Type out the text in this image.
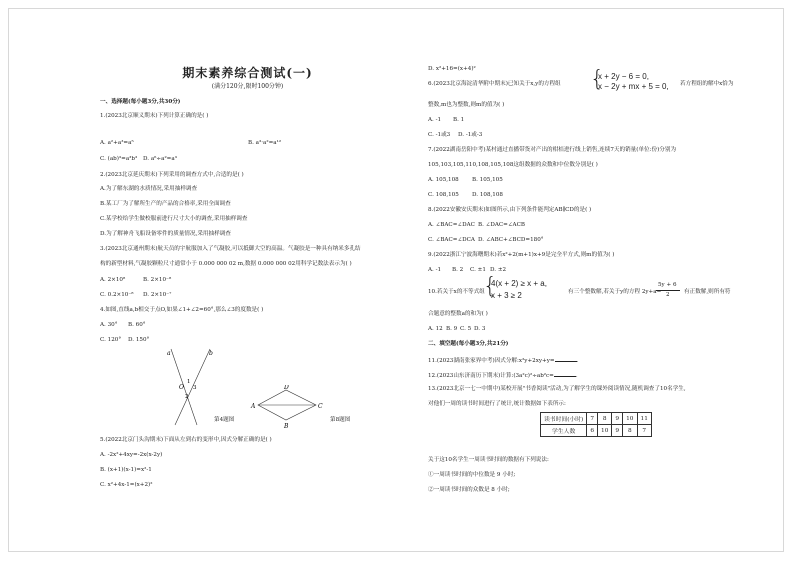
期末素养综合测试(一)
(满分120分,限时100分钟)
一、选择题(每小题3分,共30分)
1.(2023北京顺义期末)下列计算正确的是( )
A. a²+a³=a⁵	B. a³·a²=a¹²
C. (ab)³=a³b³ D. a⁶÷a²=a³
2.(2023北京延庆期末)下列采用的调查方式中,合适的是( )
A.为了解东湖的水质情况,采用抽样调查
B.某工厂为了解所生产的产品的合格率,采用全面调查
C.某学校给学生做校服前进行尺寸大小的调查,采用抽样调查
D.为了解神舟飞船设备零件的质量情况,采用抽样调查
3.(2023北京通州期末)航天员的宇航服加入了气凝胶,可以抵御大空的高温。气凝胶是一种具有纳米多孔结
构的新型材料,气凝胶颗粒尺寸通常小于 0.000 000 02 m,数据 0.000 000 02用科学记数法表示为( )
A. 2×10⁸	B. 2×10⁻⁸
C. 0.2×10⁻⁸ D. 2×10⁻⁷
4.如图,直线a,b相交于点O,如果∠1+∠2=60°,那么∠3的度数是( )
A. 30° B. 60°
C. 120° D. 150°
a	b
O
1
2
3
第4题图
A
B
C
D
第8题图
5.(2022北京门头沟期末)下面从左到右的变形中,因式分解正确的是( )
A. -2x²+4xy=-2x(x-2y)
B. (x+1)(x-1)=x²-1
C. x²+4x-1=(x+2)²
D. x²+16=(x+4)²
6.(2023北京海淀清华附中期末)已知关于x,y的方程组 {
x + 2y − 6 = 0,
x − 2y + mx + 5 = 0, 若方程组的解中x恰为
整数,m也为整数,则m的值为( )
A. -1 B. 1
C. -1或3 D. -1或-3
7.(2022湖南岳阳中考)某村通过直播带货对产出的柑桔进行线上销售,连续7天的销量(单位:份)分别为
105,103,105,110,108,105,108这组数据的众数和中位数分别是( )
A. 105,108 B. 105,105
C. 108,105 D. 108,108
8.(2022安徽安庆期末)如图所示,由下列条件能判定AB∥CD的是( )
A. ∠BAC=∠DAC B. ∠DAC=∠ACB
C. ∠BAC=∠DCA D. ∠ABC+∠BCD=180°
9.(2022浙江宁波海曙期末)若x²+2(m+1)x+9是完全平方式,则m的值为( )
A. -1 B. 2 C. ±1 D. ±2
10.若关于x的不等式组
{
4(x + 2) ≥ x + a,
x + 3 ≥ 2	有三个整数解,若关于y的方程 2y+a=
5y + 6
2	有正数解,则所有符
合题意的整数a的和为( )
A. 12 B. 9 C. 5 D. 3
二、填空题(每小题3分,共21分)
11.(2023湖南张家界中考)因式分解:x²y+2xy+y=	.
12.(2023山东济南历下期末)计算:(3a²c)²÷ab²c=	.
13.(2023北京一七一中期中)某校开展"书香阅读"活动,为了解学生的课外阅读情况,随机调查了10名学生,
对他们一周的读书时间进行了统计,统计数据如下表所示:
读书时间(小时)	7	8	9	10	11
学生人数	6	10	9	8	7
关于这10名学生一周读书时间的数据有下列说法:
①一周读书时间的中位数是 9 小时;
②一周读书时间的众数是 8 小时;
